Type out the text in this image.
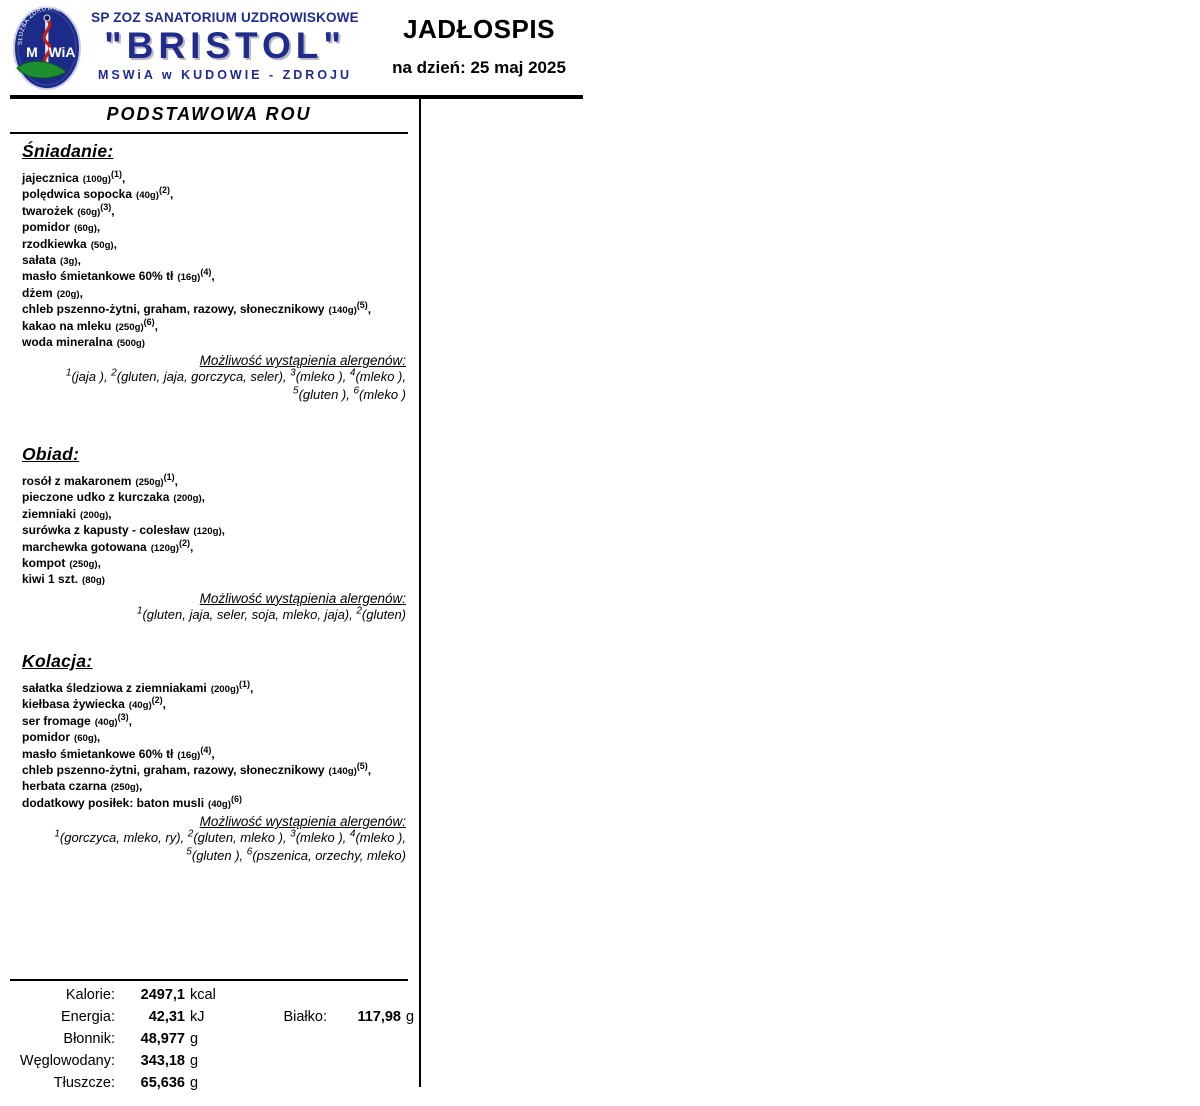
SŁUŻBA ZDROWIA
M WiA
SP ZOZ SANATORIUM UZDROWISKOWE
"BRISTOL"
MSWiA w KUDOWIE - ZDROJU
JADŁOSPIS
na dzień: 25 maj 2025
PODSTAWOWA ROU
Śniadanie:
jajecznica $(100g)^{(1)}$,
polędwica sopocka $(40g)^{(2)}$,
twarożek $(60g)^{(3)}$,
pomidor (60g),
rzodkiewka (50g),
sałata (3g),
masło śmietankowe 60% tł $(16g)^{(4)}$,
dżem (20g),
chleb pszenno-żytni, graham, razowy, słonecznikowy $(140g)^{(5)}$,
kakao na mleku $(250g)^{(6)}$,
woda mineralna (500g)
Możliwość wystąpienia alergenów:
$^1$(jaja ), $^2$(gluten, jaja, gorczyca, seler), $^3$(mleko ), $^4$(mleko ), $^5$(gluten ), $^6$(mleko )
Obiad:
rosół z makaronem $(250g)^{(1)}$,
pieczone udko z kurczaka (200g),
ziemniaki (200g),
surówka z kapusty - colesław (120g),
marchewka gotowana $(120g)^{(2)}$,
kompot (250g),
kiwi 1 szt. (80g)
Możliwość wystąpienia alergenów:
$^1$(gluten, jaja, seler, soja, mleko, jaja), $^2$(gluten)
Kolacja:
sałatka śledziowa z ziemniakami $(200g)^{(1)}$,
kiełbasa żywiecka $(40g)^{(2)}$,
ser fromage $(40g)^{(3)}$,
pomidor (60g),
masło śmietankowe 60% tł $(16g)^{(4)}$,
chleb pszenno-żytni, graham, razowy, słonecznikowy $(140g)^{(5)}$,
herbata czarna (250g),
dodatkowy posiłek: baton musli $(40g)^{(6)}$
Możliwość wystąpienia alergenów:
$^1$(gorczyca, mleko, ry), $^2$(gluten, mleko ), $^3$(mleko ), $^4$(mleko ), $^5$(gluten ), $^6$(pszenica, orzechy, mleko)
Kalorie:	2497,1 kcal
Energia:	42,31 kJ
Błonnik:	48,977 g
Węglowodany:	343,18 g
Tłuszcze:	65,636 g
Białko:	117,98 g
